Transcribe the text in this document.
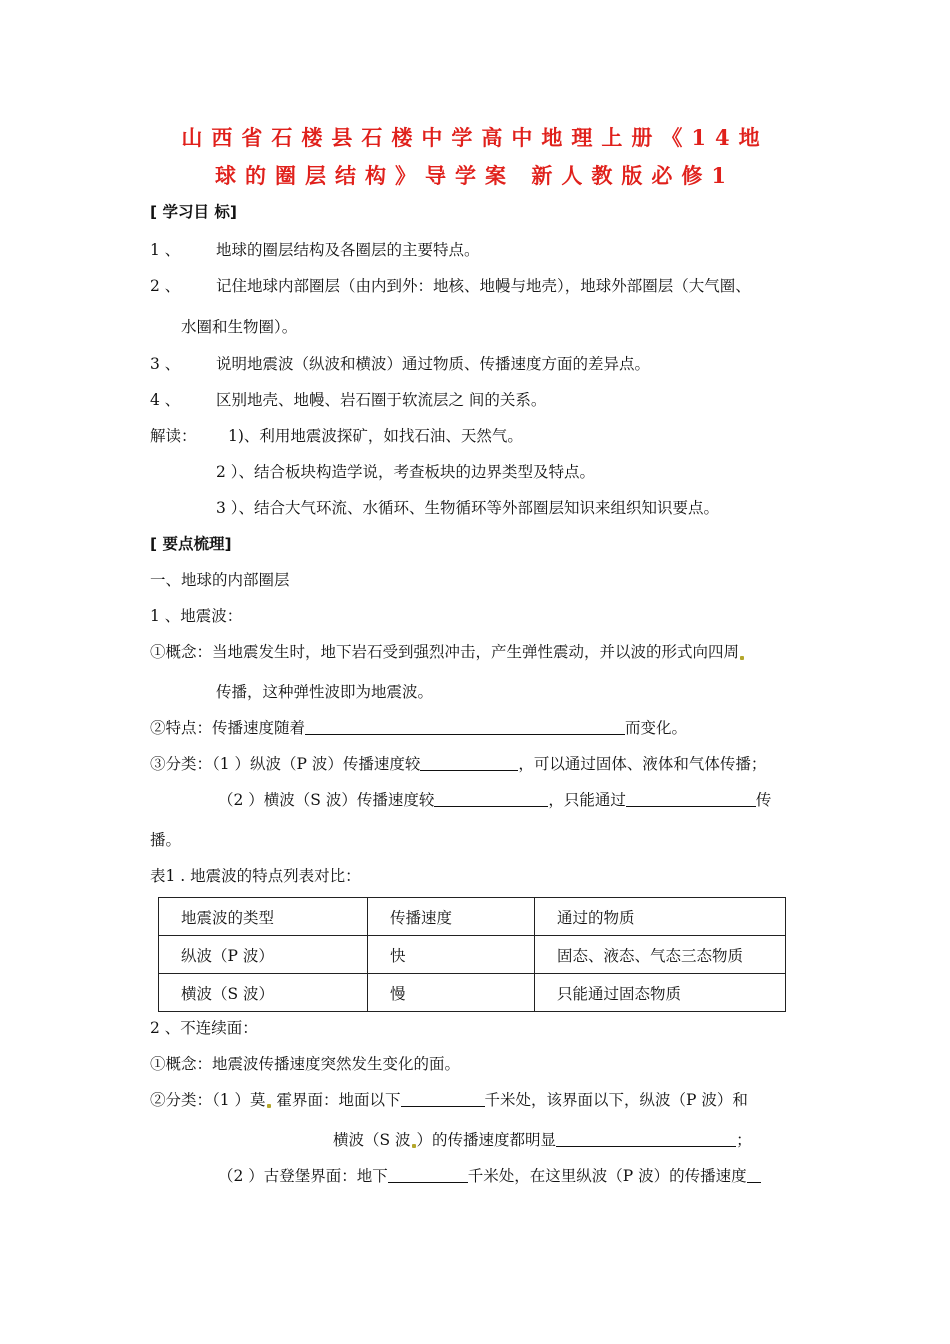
山西省石楼县石楼中学高中地理上册《14地
球的圈层结构》导学案 新人教版必修1
[ 学习目 标]
1 、 地球的圈层结构及各圈层的主要特点。
2 、 记住地球内部圈层（由内到外：地核、地幔与地壳），地球外部圈层（大气圈、
水圈和生物圈）。
3 、 说明地震波（纵波和横波）通过物质、传播速度方面的差异点。
4 、 区别地壳、地幔、岩石圈于软流层之 间的关系。
解读： 1)、利用地震波探矿，如找石油、天然气。
2 ）、结合板块构造学说，考查板块的边界类型及特点。
3 ）、结合大气环流、水循环、生物循环等外部圈层知识来组织知识要点。
[ 要点梳理]
一、地球的内部圈层
1 、地震波：
①概念：当地震发生时，地下岩石受到强烈冲击，产生弹性震动，并以波的形式向四周
传播，这种弹性波即为地震波。
②特点：传播速度随着	而变化。
③分类：（1 ）纵波（P 波）传播速度较	，可以通过固体、液体和气体传播；
（2 ）横波（S 波）传播速度较	，只能通过	传
播。
表1 . 地震波的特点列表对比：
地震波的类型	传播速度	通过的物质
纵波（P 波）	快	固态、液态、气态三态物质
横波（S 波）	慢	只能通过固态物质
2 、不连续面：
①概念：地震波传播速度突然发生变化的面。
②分类：（1 ）莫 霍界面：地面以下	千米处，该界面以下，纵波（P 波）和
横波（S 波 ）的传播速度都明显	；
（2 ）古登堡界面：地下	千米处，在这里纵波（P 波）的传播速度
